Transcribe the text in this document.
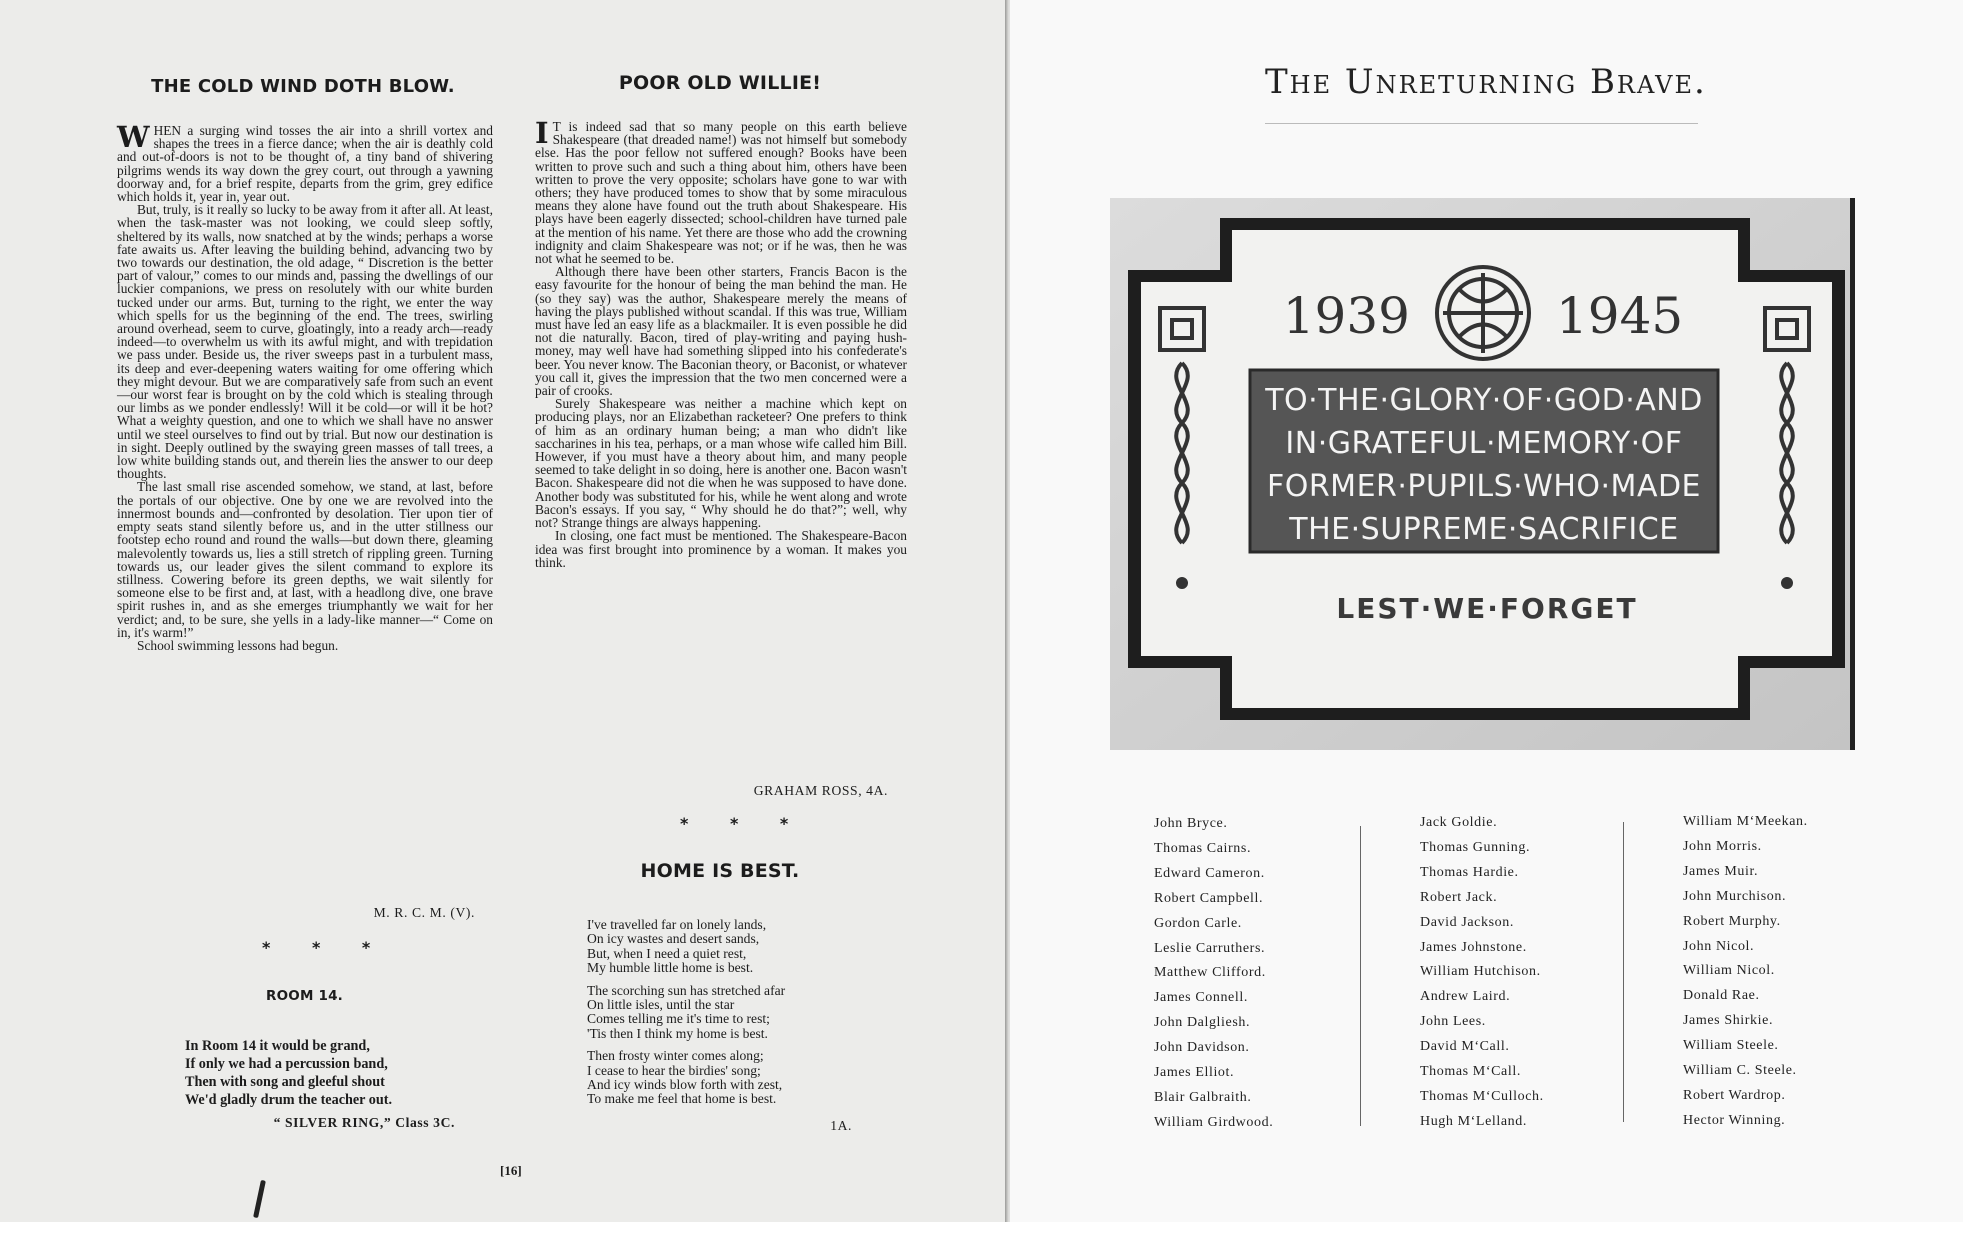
THE COLD WIND DOTH BLOW.

WHEN a surging wind tosses the air into a shrill vortex and shapes the trees in a fierce dance; when the air is deathly cold and out-of-doors is not to be thought of, a tiny band of shivering pilgrims wends its way down the grey court, out through a yawning doorway and, for a brief respite, departs from the grim, grey edifice which holds it, year in, year out.

But, truly, is it really so lucky to be away from it after all. At least, when the task-master was not looking, we could sleep softly, sheltered by its walls, now snatched at by the winds; perhaps a worse fate awaits us. After leaving the building behind, advancing two by two towards our destination, the old adage, “ Discretion is the better part of valour,” comes to our minds and, passing the dwellings of our luckier companions, we press on resolutely with our white burden tucked under our arms. But, turning to the right, we enter the way which spells for us the beginning of the end. The trees, swirling around overhead, seem to curve, gloatingly, into a ready arch—ready indeed—to overwhelm us with its awful might, and with trepidation we pass under. Beside us, the river sweeps past in a turbulent mass, its deep and ever-deepening waters waiting for ome offering which they might devour. But we are comparatively safe from such an event—our worst fear is brought on by the cold which is stealing through our limbs as we ponder endlessly! Will it be cold—or will it be hot? What a weighty question, and one to which we shall have no answer until we steel ourselves to find out by trial. But now our destination is in sight. Deeply outlined by the swaying green masses of tall trees, a low white building stands out, and therein lies the answer to our deep thoughts.

The last small rise ascended somehow, we stand, at last, before the portals of our objective. One by one we are revolved into the innermost bounds and—confronted by desolation. Tier upon tier of empty seats stand silently before us, and in the utter stillness our footstep echo round and round the walls—but down there, gleaming malevolently towards us, lies a still stretch of rippling green. Turning towards us, our leader gives the silent command to explore its stillness. Cowering before its green depths, we wait silently for someone else to be first and, at last, with a headlong dive, one brave spirit rushes in, and as she emerges triumphantly we wait for her verdict; and, to be sure, she yells in a lady-like manner—“ Come on in, it's warm!”

School swimming lessons had begun.

M. R. C. M. (V).
* * *
ROOM 14.
In Room 14 it would be grand,
If only we had a percussion band,
Then with song and gleeful shout
We'd gladly drum the teacher out.
“ SILVER RING,” Class 3C.
POOR OLD WILLIE!

I T is indeed sad that so many people on this earth believe Shakespeare (that dreaded name!) was not himself but somebody else. Has the poor fellow not suffered enough? Books have been written to prove such and such a thing about him, others have been written to prove the very opposite; scholars have gone to war with others; they have produced tomes to show that by some miraculous means they alone have found out the truth about Shakespeare. His plays have been eagerly dissected; school-children have turned pale at the mention of his name. Yet there are those who add the crowning indignity and claim Shakespeare was not; or if he was, then he was not what he seemed to be.

Although there have been other starters, Francis Bacon is the easy favourite for the honour of being the man behind the man. He (so they say) was the author, Shakespeare merely the means of having the plays published without scandal. If this was true, William must have led an easy life as a blackmailer. It is even possible he did not die naturally. Bacon, tired of play-writing and paying hush-money, may well have had something slipped into his confederate's beer. You never know. The Baconian theory, or Baconist, or whatever you call it, gives the impression that the two men concerned were a pair of crooks.

Surely Shakespeare was neither a machine which kept on producing plays, nor an Elizabethan racketeer? One prefers to think of him as an ordinary human being; a man who didn't like saccharines in his tea, perhaps, or a man whose wife called him Bill. However, if you must have a theory about him, and many people seemed to take delight in so doing, here is another one. Bacon wasn't Bacon. Shakespeare did not die when he was supposed to have done. Another body was substituted for his, while he went along and wrote Bacon's essays. If you say, “ Why should he do that?”; well, why not? Strange things are always happening.

In closing, one fact must be mentioned. The Shakespeare-Bacon idea was first brought into prominence by a woman. It makes you think.

GRAHAM ROSS, 4A.
* * *
HOME IS BEST.
I've travelled far on lonely lands,
On icy wastes and desert sands,
But, when I need a quiet rest,
My humble little home is best.
The scorching sun has stretched afar
On little isles, until the star
Comes telling me it's time to rest;
'Tis then I think my home is best.
Then frosty winter comes along;
I cease to hear the birdies' song;
And icy winds blow forth with zest,
To make me feel that home is best.
1A.
[16]
The Unreturning Brave.
1939	1945
TO·THE·GLORY·OF·GOD·AND
IN·GRATEFUL·MEMORY·OF
FORMER·PUPILS·WHO·MADE
THE·SUPREME·SACRIFICE
LEST·WE·FORGET
John Bryce.
Thomas Cairns.
Edward Cameron.
Robert Campbell.
Gordon Carle.
Leslie Carruthers.
Matthew Clifford.
James Connell.
John Dalgliesh.
John Davidson.
James Elliot.
Blair Galbraith.
William Girdwood.
Jack Goldie.
Thomas Gunning.
Thomas Hardie.
Robert Jack.
David Jackson.
James Johnstone.
William Hutchison.
Andrew Laird.
John Lees.
David M‘Call.
Thomas M‘Call.
Thomas M‘Culloch.
Hugh M‘Lelland.
William M‘Meekan.
John Morris.
James Muir.
John Murchison.
Robert Murphy.
John Nicol.
William Nicol.
Donald Rae.
James Shirkie.
William Steele.
William C. Steele.
Robert Wardrop.
Hector Winning.
